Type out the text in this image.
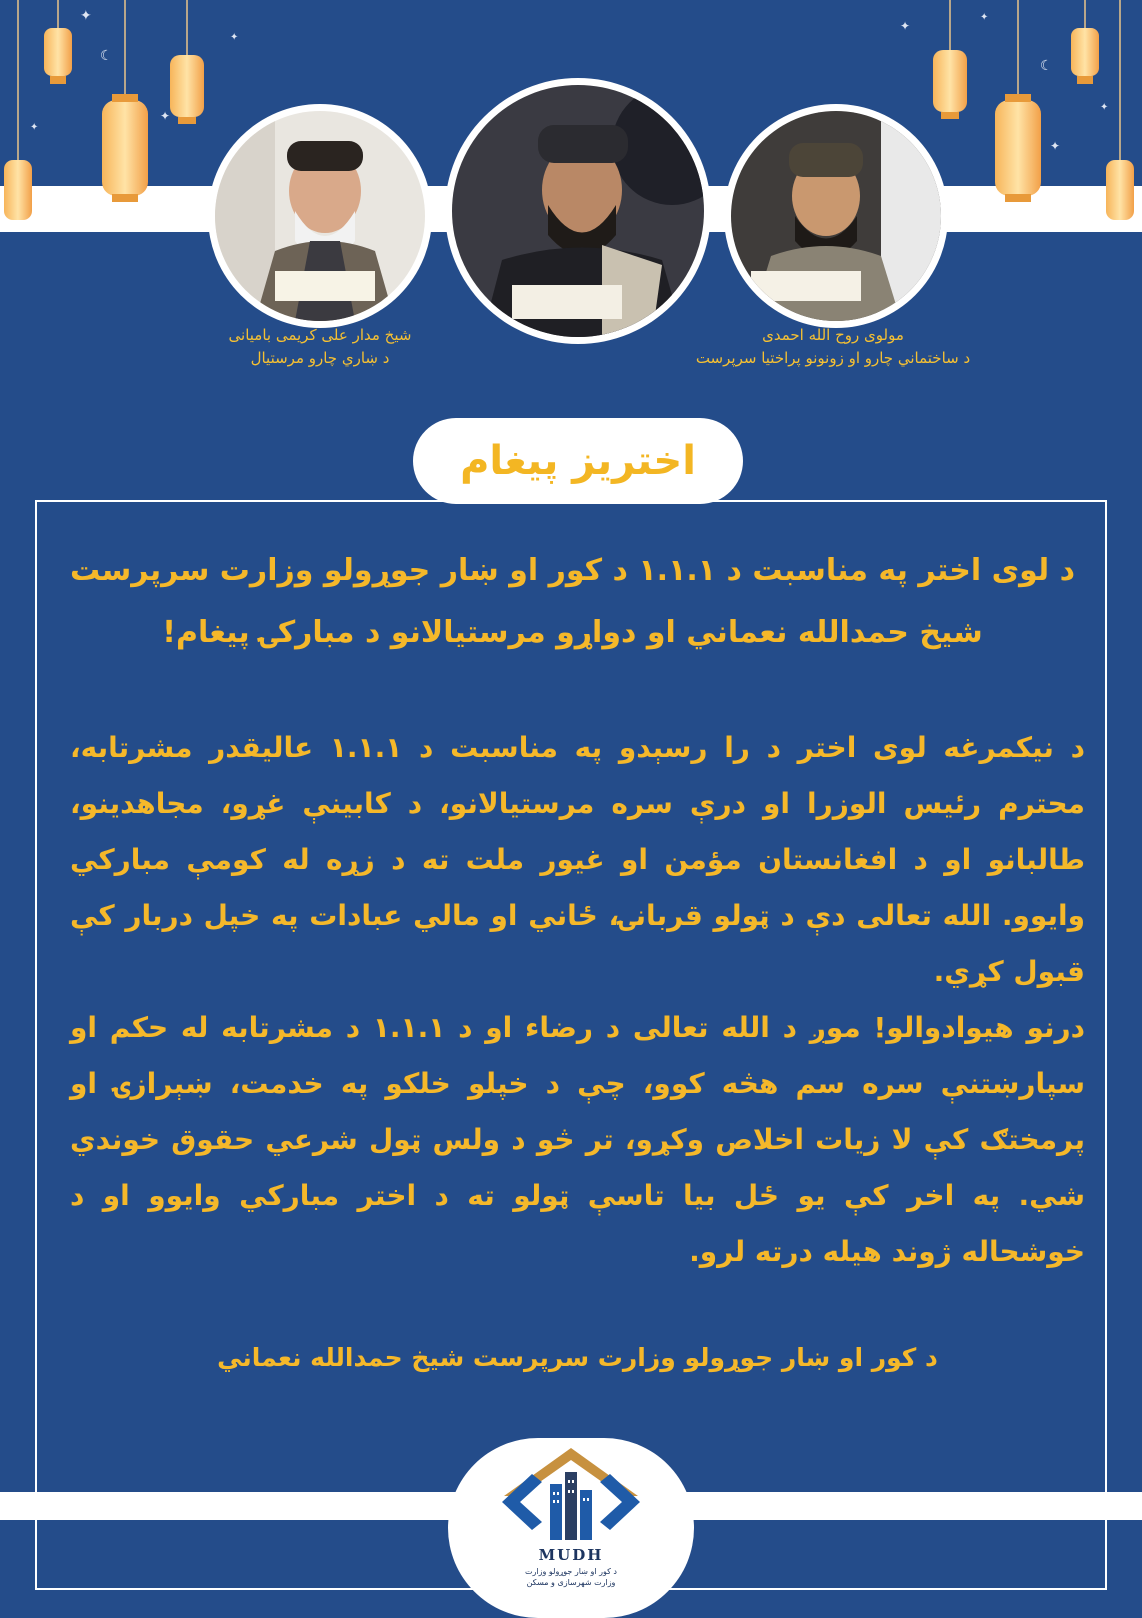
✦
✦
✦
✦
✦
✦
✦
✦
☾
☾
شیخ مدار علی کریمی بامیانی
د ښاري چارو مرستیال
مولوی روح الله احمدی
د ساختماني چارو او زونونو پراختیا سرپرست
اختریز پیغام
د لوی اختر په مناسبت د ۱.۱.۱ د کور او ښار جوړولو وزارت سرپرست
شیخ حمدالله نعماني او دواړو مرستیالانو د مبارکۍ پیغام!

د نیکمرغه لوی اختر د را رسېدو په مناسبت د ۱.۱.۱ عالیقدر مشرتابه، محترم رئیس الوزرا او درې سره مرستیالانو، د کابینې غړو، مجاهدینو، طالبانو او د افغانستان مؤمن او غیور ملت ته د زړه له کومې مبارکي وایوو. الله تعالی دې د ټولو قربانۍ، ځاني او مالي عبادات په خپل دربار کې قبول کړي.

درنو هیوادوالو! موږ د الله تعالی د رضاء او د ۱.۱.۱ د مشرتابه له حکم او سپارښتنې سره سم هڅه کوو، چې د خپلو خلکو په خدمت، ښېرازۍ او پرمختګ کې لا زیات اخلاص وکړو، تر څو د ولس ټول شرعي حقوق خوندي شي. په اخر کې یو ځل بیا تاسې ټولو ته د اختر مبارکي وایوو او د خوشحاله ژوند هیله درته لرو.

د کور او ښار جوړولو وزارت سرپرست شیخ حمدالله نعماني
MUDH
د کور او ښار جوړولو وزارت
وزارت شهرسازی و مسکن
